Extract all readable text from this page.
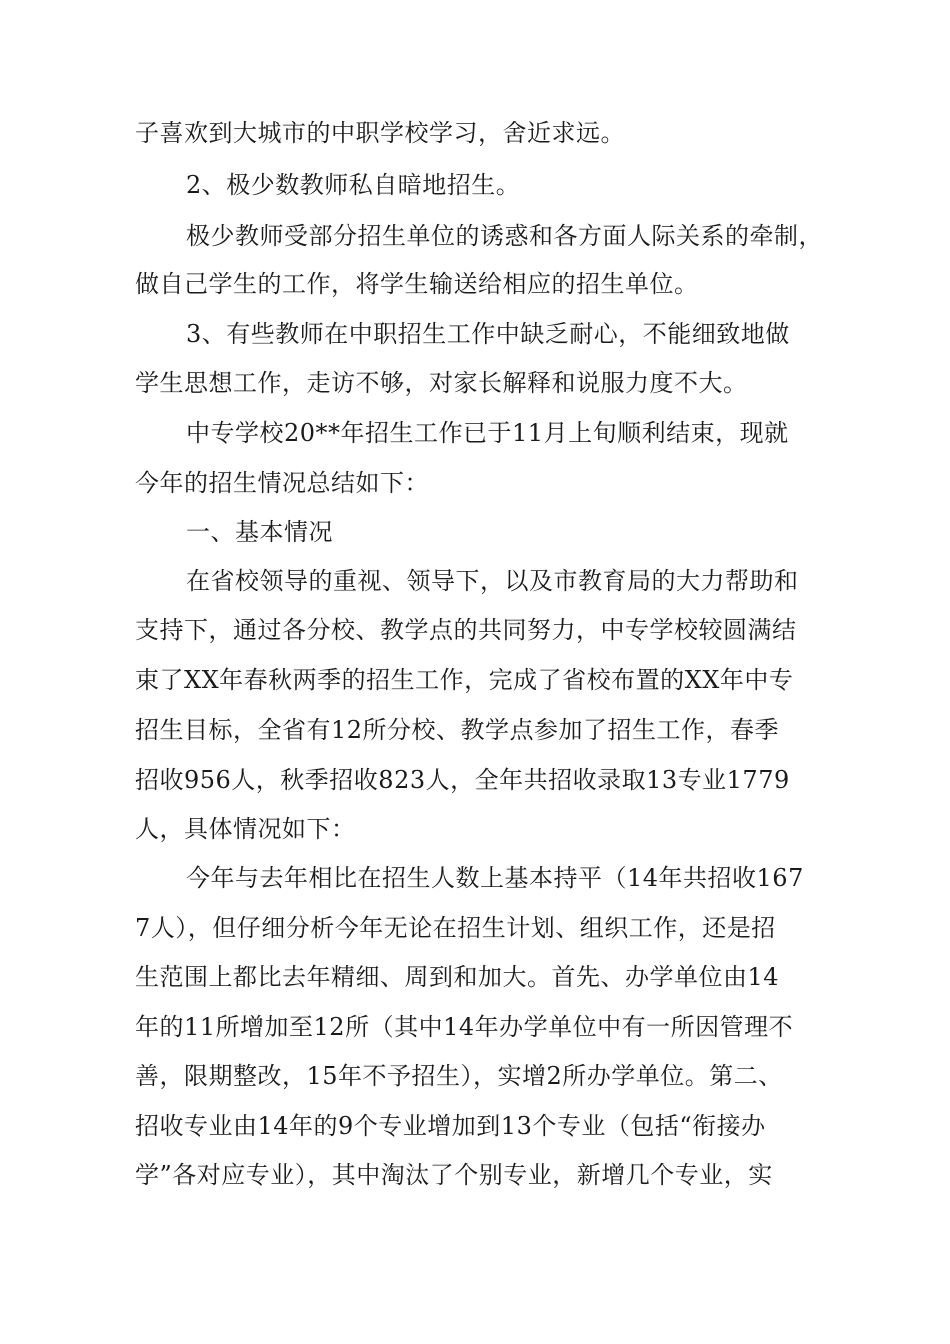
子喜欢到大城市的中职学校学习，舍近求远。
2、极少数教师私自暗地招生。
极少教师受部分招生单位的诱惑和各方面人际关系的牵制，
做自己学生的工作，将学生输送给相应的招生单位。
3、有些教师在中职招生工作中缺乏耐心，不能细致地做
学生思想工作，走访不够，对家长解释和说服力度不大。
中专学校20**年招生工作已于11月上旬顺利结束，现就
今年的招生情况总结如下：
一、基本情况
在省校领导的重视、领导下，以及市教育局的大力帮助和
支持下，通过各分校、教学点的共同努力，中专学校较圆满结
束了XX年春秋两季的招生工作，完成了省校布置的XX年中专
招生目标，全省有12所分校、教学点参加了招生工作，春季
招收956人，秋季招收823人，全年共招收录取13专业1779
人，具体情况如下：
今年与去年相比在招生人数上基本持平（14年共招收167
7人），但仔细分析今年无论在招生计划、组织工作，还是招
生范围上都比去年精细、周到和加大。首先、办学单位由14
年的11所增加至12所（其中14年办学单位中有一所因管理不
善，限期整改，15年不予招生），实增2所办学单位。第二、
招收专业由14年的9个专业增加到13个专业（包括“衔接办
学”各对应专业），其中淘汰了个别专业，新增几个专业，实
